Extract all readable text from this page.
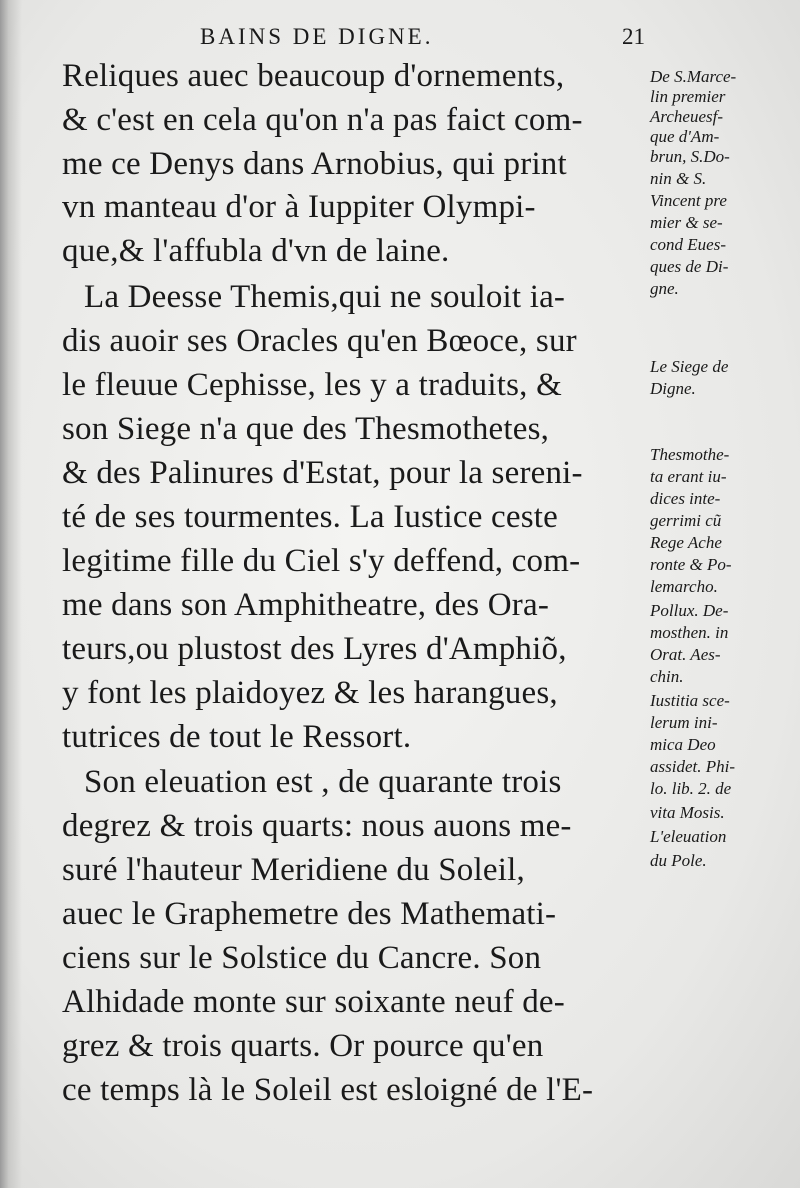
BAINS DE DIGNE.	21
Reliques auec beaucoup d'ornements,
& c'est en cela qu'on n'a pas faict com-
me ce Denys dans Arnobius, qui print
vn manteau d'or à Iuppiter Olympi-
que,& l'affubla d'vn de laine.
La Deesse Themis,qui ne souloit ia-
dis auoir ses Oracles qu'en Bœoce, sur
le fleuue Cephisse, les y a traduits, &
son Siege n'a que des Thesmothetes,
& des Palinures d'Estat, pour la sereni-
té de ses tourmentes. La Iustice ceste
legitime fille du Ciel s'y deffend, com-
me dans son Amphitheatre, des Ora-
teurs,ou plustost des Lyres d'Amphiõ,
y font les plaidoyez & les harangues,
tutrices de tout le Ressort.
Son eleuation est , de quarante trois
degrez & trois quarts: nous auons me-
suré l'hauteur Meridiene du Soleil,
auec le Graphemetre des Mathemati-
ciens sur le Solstice du Cancre. Son
Alhidade monte sur soixante neuf de-
grez & trois quarts. Or pource qu'en
ce temps là le Soleil est esloigné de l'E-
De S.Marce-
lin premier
Archeuesf-
que d'Am-
brun, S.Do-
nin & S.
Vincent pre
mier & se-
cond Eues-
ques de Di-
gne.
Le Siege de
Digne.
Thesmothe-
ta erant iu-
dices inte-
gerrimi cũ
Rege Ache
ronte & Po-
lemarcho.
Pollux. De-
mosthen. in
Orat. Aes-
chin.
Iustitia sce-
lerum ini-
mica Deo
assidet. Phi-
lo. lib. 2. de
vita Mosis.
L'eleuation
du Pole.
